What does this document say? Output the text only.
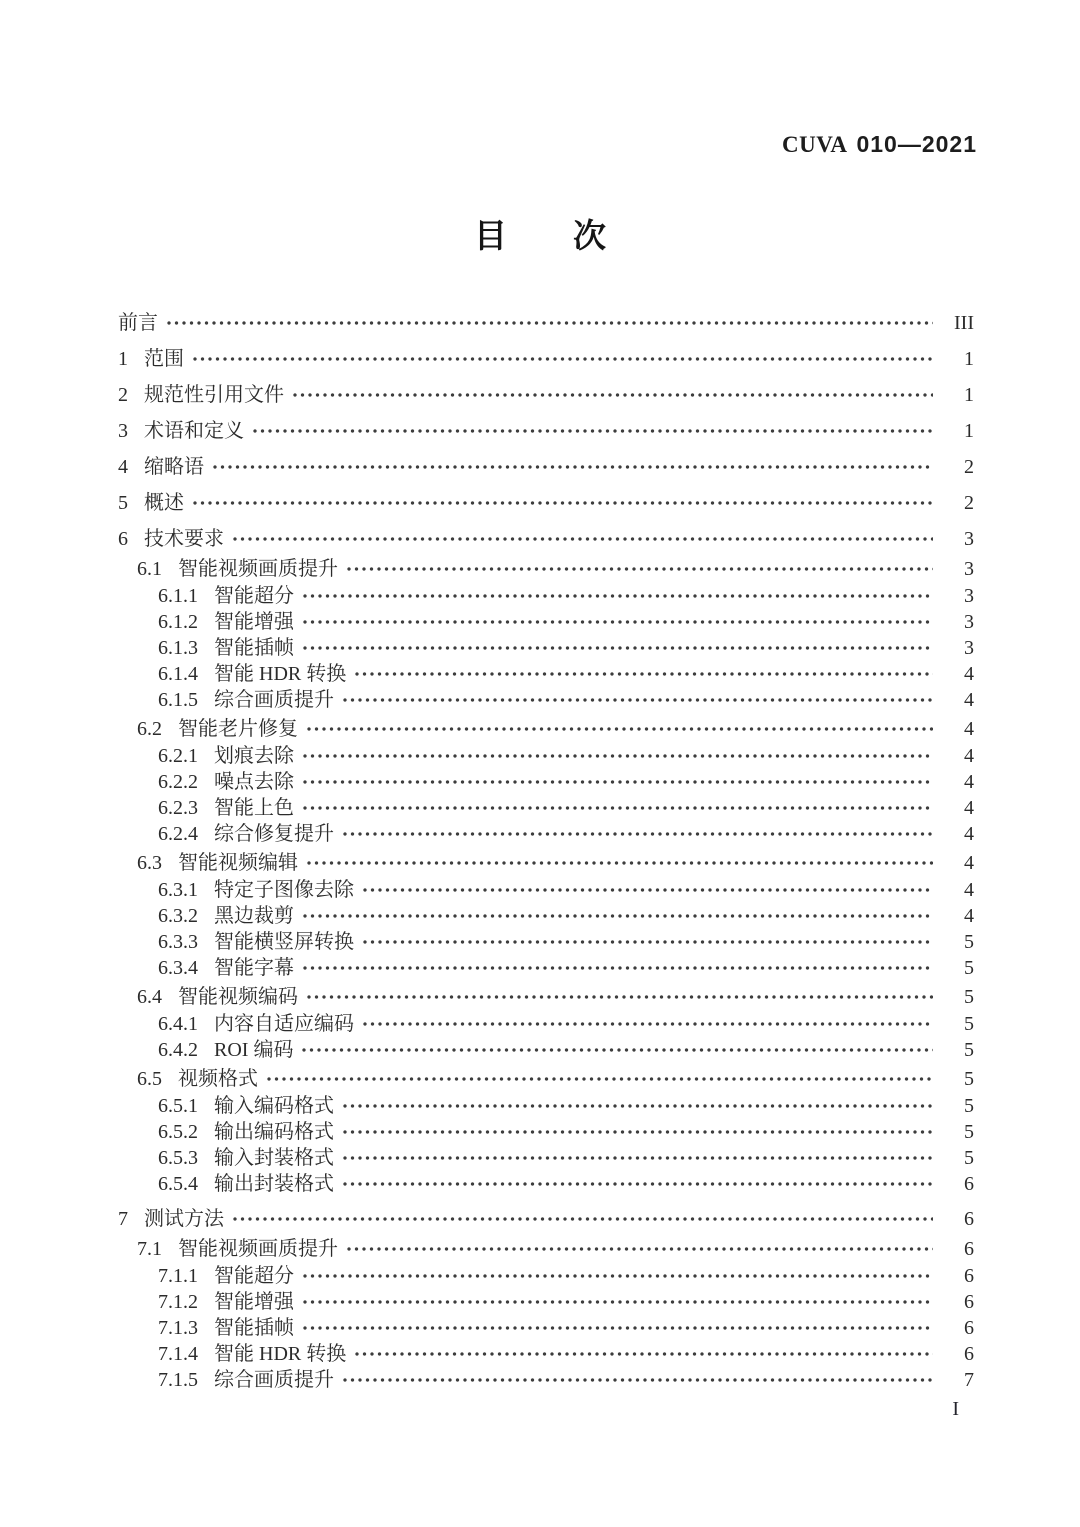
CUVA 010—2021
目　　次
前言	III
1 范围	1
2 规范性引用文件	1
3 术语和定义	1
4 缩略语	2
5 概述	2
6 技术要求	3
6.1 智能视频画质提升	3
6.1.1 智能超分	3
6.1.2 智能增强	3
6.1.3 智能插帧	3
6.1.4 智能 HDR 转换	4
6.1.5 综合画质提升	4
6.2 智能老片修复	4
6.2.1 划痕去除	4
6.2.2 噪点去除	4
6.2.3 智能上色	4
6.2.4 综合修复提升	4
6.3 智能视频编辑	4
6.3.1 特定子图像去除	4
6.3.2 黑边裁剪	4
6.3.3 智能横竖屏转换	5
6.3.4 智能字幕	5
6.4 智能视频编码	5
6.4.1 内容自适应编码	5
6.4.2 ROI 编码	5
6.5 视频格式	5
6.5.1 输入编码格式	5
6.5.2 输出编码格式	5
6.5.3 输入封装格式	5
6.5.4 输出封装格式	6
7 测试方法	6
7.1 智能视频画质提升	6
7.1.1 智能超分	6
7.1.2 智能增强	6
7.1.3 智能插帧	6
7.1.4 智能 HDR 转换	6
7.1.5 综合画质提升	7
I
